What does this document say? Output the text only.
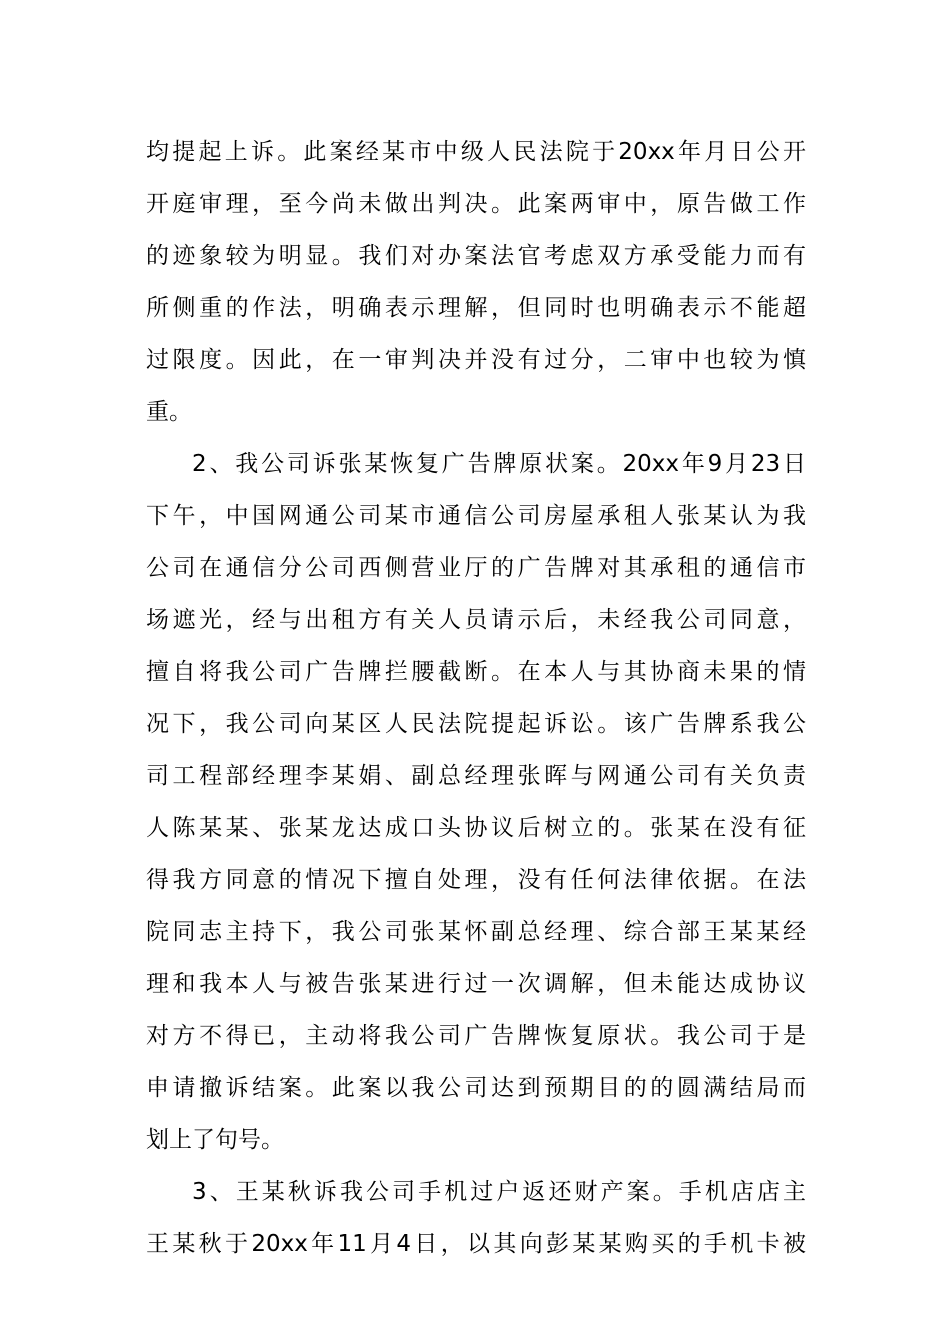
均提起上诉。此案经某市中级人民法院于20xx年月日公开
开庭审理，至今尚未做出判决。此案两审中，原告做工作
的迹象较为明显。我们对办案法官考虑双方承受能力而有
所侧重的作法，明确表示理解，但同时也明确表示不能超
过限度。因此，在一审判决并没有过分，二审中也较为慎
重。
2、我公司诉张某恢复广告牌原状案。20xx年9月23日
下午，中国网通公司某市通信公司房屋承租人张某认为我
公司在通信分公司西侧营业厅的广告牌对其承租的通信市
场遮光，经与出租方有关人员请示后，未经我公司同意，
擅自将我公司广告牌拦腰截断。在本人与其协商未果的情
况下，我公司向某区人民法院提起诉讼。该广告牌系我公
司工程部经理李某娟、副总经理张晖与网通公司有关负责
人陈某某、张某龙达成口头协议后树立的。张某在没有征
得我方同意的情况下擅自处理，没有任何法律依据。在法
院同志主持下，我公司张某怀副总经理、综合部王某某经
理和我本人与被告张某进行过一次调解，但未能达成协议
对方不得已，主动将我公司广告牌恢复原状。我公司于是
申请撤诉结案。此案以我公司达到预期目的的圆满结局而
划上了句号。
3、王某秋诉我公司手机过户返还财产案。手机店店主
王某秋于20xx年11月4日，以其向彭某某购买的手机卡被
